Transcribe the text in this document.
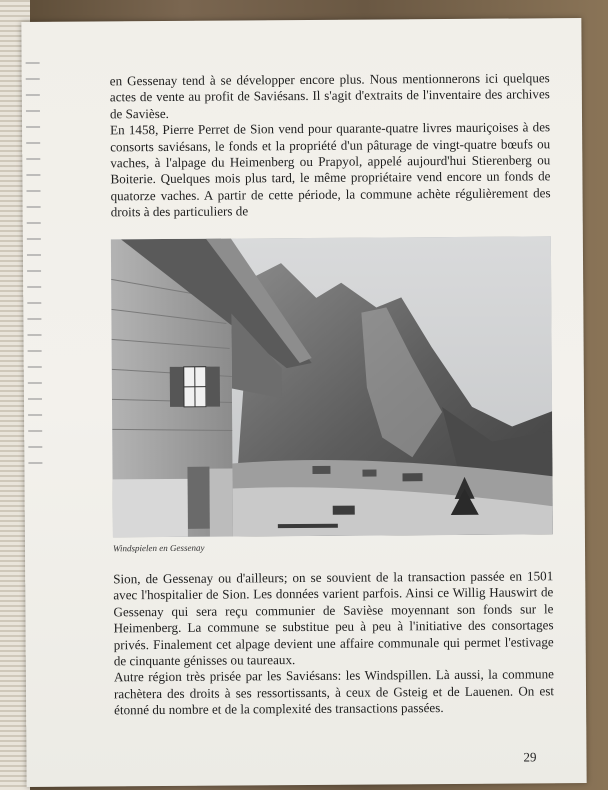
en Gessenay tend à se développer encore plus. Nous mentionnerons ici quelques actes de vente au profit de Saviésans. Il s'agit d'extraits de l'inventaire des archives de Savièse.

En 1458, Pierre Perret de Sion vend pour quarante-quatre livres mauriçoises à des consorts saviésans, le fonds et la propriété d'un pâturage de vingt-quatre bœufs ou vaches, à l'alpage du Heimenberg ou Prapyol, appelé aujourd'hui Stierenberg ou Boiterie. Quelques mois plus tard, le même propriétaire vend encore un fonds de quatorze vaches. A partir de cette période, la commune achète régulièrement des droits à des particuliers de

Windspielen en Gessenay

Sion, de Gessenay ou d'ailleurs; on se souvient de la transaction passée en 1501 avec l'hospitalier de Sion. Les données varient parfois. Ainsi ce Willig Hauswirt de Gessenay qui sera reçu communier de Savièse moyennant son fonds sur le Heimenberg. La commune se substitue peu à peu à l'initiative des consortages privés. Finalement cet alpage devient une affaire communale qui permet l'estivage de cinquante génisses ou taureaux.

Autre région très prisée par les Saviésans: les Windspillen. Là aussi, la commune rachètera des droits à ses ressortissants, à ceux de Gsteig et de Lauenen. On est étonné du nombre et de la complexité des transactions passées.

29
